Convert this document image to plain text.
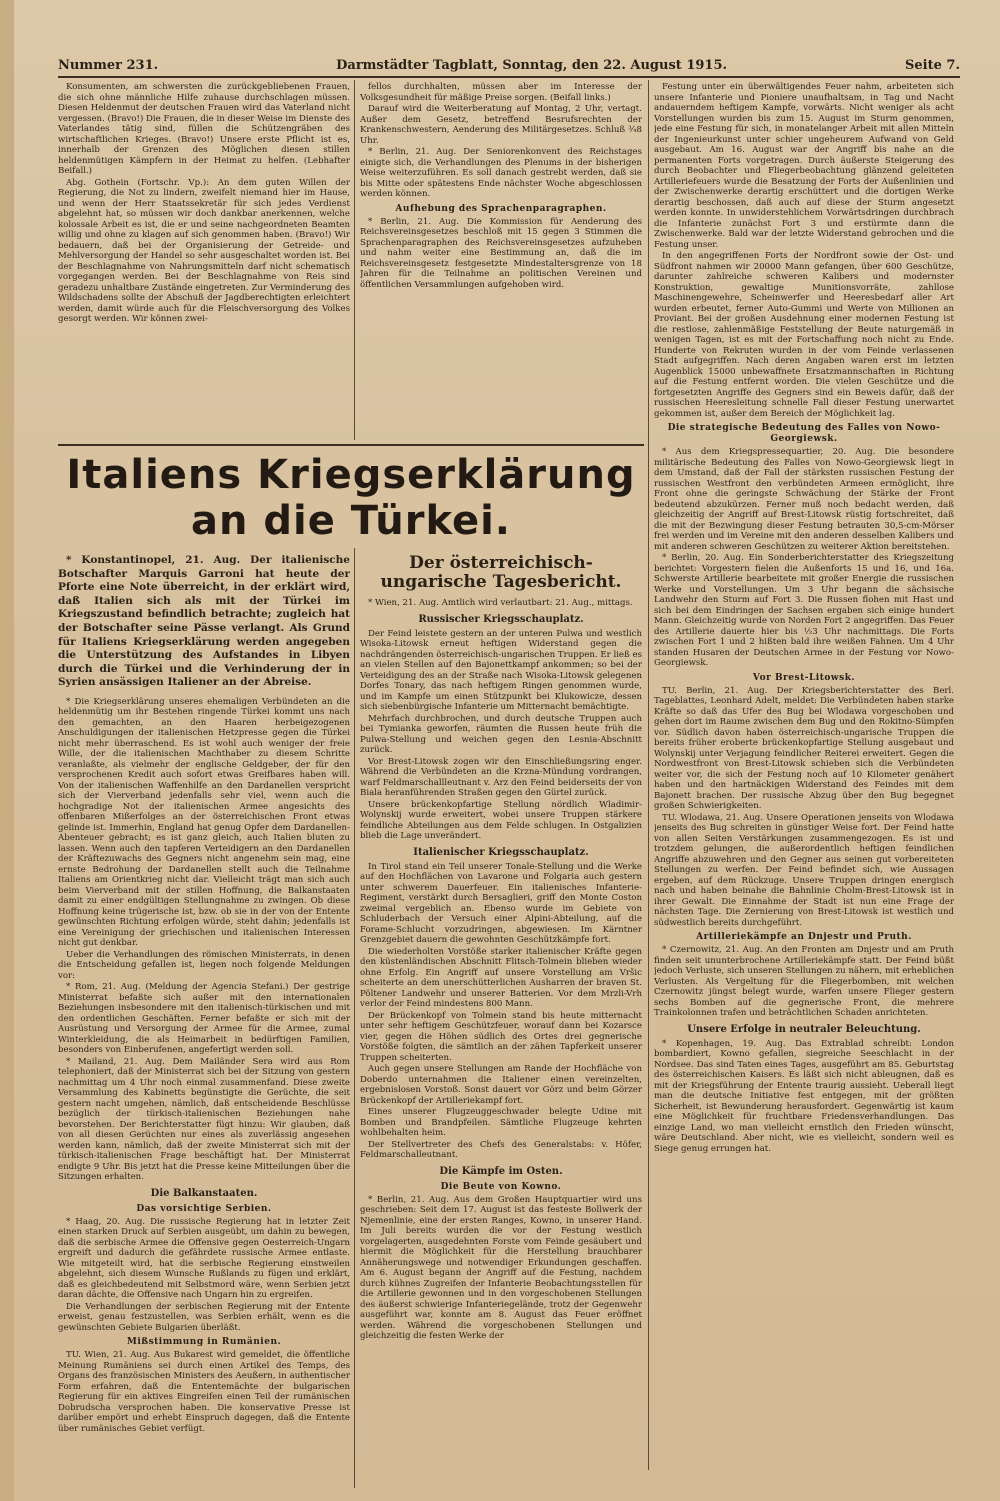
Nummer 231.	Darmstädter Tagblatt, Sonntag, den 22. August 1915.	Seite 7.

Konsumenten, am schwersten die zurückgebliebenen Frauen, die sich ohne männliche Hilfe zuhause durchschlagen müssen. Diesen Heldenmut der deutschen Frauen wird das Vaterland nicht vergessen. (Bravo!) Die Frauen, die in dieser Weise im Dienste des Vaterlandes tätig sind, füllen die Schützengräben des wirtschaftlichen Krieges. (Bravo!) Unsere erste Pflicht ist es, innerhalb der Grenzen des Möglichen diesen stillen heldenmütigen Kämpfern in der Heimat zu helfen. (Lebhafter Beifall.)

Abg. Gothein (Fortschr. Vp.): An dem guten Willen der Regierung, die Not zu lindern, zweifelt niemand hier im Hause, und wenn der Herr Staatssekretär für sich jedes Verdienst abgelehnt hat, so müssen wir doch dankbar anerkennen, welche kolossale Arbeit es ist, die er und seine nachgeordneten Beamten willig und ohne zu klagen auf sich genommen haben. (Bravo!) Wir bedauern, daß bei der Organisierung der Getreide- und Mehlversorgung der Handel so sehr ausgeschaltet worden ist. Bei der Beschlagnahme von Nahrungsmitteln darf nicht schematisch vorgegangen werden. Bei der Beschlagnahme von Reis sind geradezu unhaltbare Zustände eingetreten. Zur Verminderung des Wildschadens sollte der Abschuß der Jagdberechtigten erleichtert werden, damit würde auch für die Fleischversorgung des Volkes gesorgt werden. Wir können zwei-

fellos durchhalten, müssen aber im Interesse der Volksgesundheit für mäßige Preise sorgen. (Beifall links.)

Darauf wird die Weiterberatung auf Montag, 2 Uhr, vertagt. Außer dem Gesetz, betreffend Besrufsrechten der Krankenschwestern, Aenderung des Militärgesetzes. Schluß ¾8 Uhr.

* Berlin, 21. Aug. Der Seniorenkonvent des Reichstages einigte sich, die Verhandlungen des Plenums in der bisherigen Weise weiterzuführen. Es soll danach gestrebt werden, daß sie bis Mitte oder spätestens Ende nächster Woche abgeschlossen werden können.

Aufhebung des Sprachenparagraphen.

* Berlin, 21. Aug. Die Kommission für Aenderung des Reichsvereinsgesetzes beschloß mit 15 gegen 3 Stimmen die Sprachenparagraphen des Reichsvereinsgesetzes aufzuheben und nahm weiter eine Bestimmung an, daß die im Reichsvereinsgesetz festgesetzte Mindestaltersgrenze von 18 Jahren für die Teilnahme an politischen Vereinen und öffentlichen Versammlungen aufgehoben wird.

Italiens Kriegserklärung an die Türkei.

* Konstantinopel, 21. Aug. Der italienische Botschafter Marquis Garroni hat heute der Pforte eine Note überreicht, in der erklärt wird, daß Italien sich als mit der Türkei im Kriegszustand befindlich betrachte; zugleich hat der Botschafter seine Pässe verlangt. Als Grund für Italiens Kriegserklärung werden angegeben die Unterstützung des Aufstandes in Libyen durch die Türkei und die Verhinderung der in Syrien ansässigen Italiener an der Abreise.

* Die Kriegserklärung unseres ehemaligen Verbündeten an die heldenmütig um ihr Bestehen ringende Türkei kommt uns nach den gemachten, an den Haaren herbeigezogenen Anschuldigungen der italienischen Hetzpresse gegen die Türkei nicht mehr überraschend. Es ist wohl auch weniger der freie Wille, der die italienischen Machthaber zu diesem Schritte veranlaßte, als vielmehr der englische Geldgeber, der für den versprochenen Kredit auch sofort etwas Greifbares haben will. Von der italienischen Waffenhilfe an den Dardanellen verspricht sich der Vierverband jedenfalls sehr viel, wenn auch die hochgradige Not der italienischen Armee angesichts des offenbaren Mißerfolges an der österreichischen Front etwas gelinde ist. Immerhin, England hat genug Opfer dem Dardanellen-Abenteuer gebracht; es ist ganz gleich, auch Italien bluten zu lassen. Wenn auch den tapferen Verteidigern an den Dardanellen der Kräftezuwachs des Gegners nicht angenehm sein mag, eine ernste Bedrohung der Dardanellen stellt auch die Teilnahme Italiens am Orientkrieg nicht dar. Vielleicht trägt man sich auch beim Vierverband mit der stillen Hoffnung, die Balkanstaaten damit zu einer endgültigen Stellungnahme zu zwingen. Ob diese Hoffnung keine trügerische ist, bzw. ob sie in der von der Entente gewünschten Richtung erfolgen würde, steht dahin; jedenfalls ist eine Vereinigung der griechischen und italienischen Interessen nicht gut denkbar.

Ueber die Verhandlungen des römischen Ministerrats, in denen die Entscheidung gefallen ist, liegen noch folgende Meldungen vor:

* Rom, 21. Aug. (Meldung der Agencia Stefani.) Der gestrige Ministerrat befaßte sich außer mit den internationalen Beziehungen insbesondere mit den italienisch-türkischen und mit den ordentlichen Geschäften. Ferner befaßte er sich mit der Ausrüstung und Versorgung der Armee für die Armee, zumal Winterkleidung, die als Heimarbeit in bedürftigen Familien, besonders von Einberufenen, angefertigt werden soll.

* Mailand, 21. Aug. Dem Mailänder Sera wird aus Rom telephoniert, daß der Ministerrat sich bei der Sitzung von gestern nachmittag um 4 Uhr noch einmal zusammenfand. Diese zweite Versammlung des Kabinetts begünstigte die Gerüchte, die seit gestern nacht umgehen, nämlich, daß entscheidende Beschlüsse bezüglich der türkisch-italienischen Beziehungen nahe bevorstehen. Der Berichterstatter fügt hinzu: Wir glauben, daß von all diesen Gerüchten nur eines als zuverlässig angesehen werden kann, nämlich, daß der zweite Ministerrat sich mit der türkisch-italienischen Frage beschäftigt hat. Der Ministerrat endigte 9 Uhr. Bis jetzt hat die Presse keine Mitteilungen über die Sitzungen erhalten.

Die Balkanstaaten.
Das vorsichtige Serbien.

* Haag, 20. Aug. Die russische Regierung hat in letzter Zeit einen starken Druck auf Serbien ausgeübt, um dahin zu bewegen, daß die serbische Armee die Offensive gegen Oesterreich-Ungarn ergreift und dadurch die gefährdete russische Armee entlaste. Wie mitgeteilt wird, hat die serbische Regierung einstweilen abgelehnt, sich diesem Wunsche Rußlands zu fügen und erklärt, daß es gleichbedeutend mit Selbstmord wäre, wenn Serbien jetzt daran dächte, die Offensive nach Ungarn hin zu ergreifen.

Die Verhandlungen der serbischen Regierung mit der Entente erweist, genau festzustellen, was Serbien erhält, wenn es die gewünschten Gebiete Bulgarien überläßt.

Mißstimmung in Rumänien.

TU. Wien, 21. Aug. Aus Bukarest wird gemeldet, die öffentliche Meinung Rumäniens sei durch einen Artikel des Temps, des Organs des französischen Ministers des Aeußern, in authentischer Form erfahren, daß die Ententemächte der bulgarischen Regierung für ein aktives Eingreifen einen Teil der rumänischen Dobrudscha versprochen haben. Die konservative Presse ist darüber empört und erhebt Einspruch dagegen, daß die Entente über rumänisches Gebiet verfügt.

Der österreichisch-ungarische Tagesbericht.

* Wien, 21. Aug. Amtlich wird verlautbart: 21. Aug., mittags.

Russischer Kriegsschauplatz.

Der Feind leistete gestern an der unteren Pulwa und westlich Wisoka-Litowsk erneut heftigen Widerstand gegen die nachdrängenden österreichisch-ungarischen Truppen. Er ließ es an vielen Stellen auf den Bajonettkampf ankommen; so bei der Verteidigung des an der Straße nach Wisoka-Litowsk gelegenen Dorfes Tonary, das nach heftigem Ringen genommen wurde, und im Kampfe um einen Stützpunkt bei Klukowicze, dessen sich siebenbürgische Infanterie um Mitternacht bemächtigte.

Mehrfach durchbrochen, und durch deutsche Truppen auch bei Tymianka geworfen, räumten die Russen heute früh die Pulwa-Stellung und weichen gegen den Lesnia-Abschnitt zurück.

Vor Brest-Litowsk zogen wir den Einschließungsring enger. Während die Verbündeten an die Krzna-Mündung vordrangen, warf Feldmarschallleutnant v. Arz den Feind beiderseits der von Biala heranführenden Straßen gegen den Gürtel zurück.

Unsere brückenkopfartige Stellung nördlich Wladimir-Wolynskij wurde erweitert, wobei unsere Truppen stärkere feindliche Abteilungen aus dem Felde schlugen. In Ostgalizien blieb die Lage unverändert.

Italienischer Kriegsschauplatz.

In Tirol stand ein Teil unserer Tonale-Stellung und die Werke auf den Hochflächen von Lavarone und Folgaria auch gestern unter schwerem Dauerfeuer. Ein italienisches Infanterie-Regiment, verstärkt durch Bersaglieri, griff den Monte Coston zweimal vergeblich an. Ebenso wurde im Gebiete von Schluderbach der Versuch einer Alpini-Abteilung, auf die Forame-Schlucht vorzudringen, abgewiesen. Im Kärntner Grenzgebiet dauern die gewohnten Geschützkämpfe fort.

Die wiederholten Vorstöße starker italienischer Kräfte gegen den küstenländischen Abschnitt Flitsch-Tolmein blieben wieder ohne Erfolg. Ein Angriff auf unsere Vorstellung am Vršic scheiterte an dem unerschütterlichen Ausharren der braven St. Pöltener Landwehr und unserer Batterien. Vor dem Mrzli-Vrh verlor der Feind mindestens 800 Mann.

Der Brückenkopf von Tolmein stand bis heute mitternacht unter sehr heftigem Geschützfeuer, worauf dann bei Kozarsce vier, gegen die Höhen südlich des Ortes drei gegnerische Vorstöße folgten, die sämtlich an der zähen Tapferkeit unserer Truppen scheiterten.

Auch gegen unsere Stellungen am Rande der Hochfläche von Doberdo unternahmen die Italiener einen vereinzelten, ergebnislosen Vorstoß. Sonst dauert vor Görz und beim Görzer Brückenkopf der Artilleriekampf fort.

Eines unserer Flugzeuggeschwader belegte Udine mit Bomben und Brandpfeilen. Sämtliche Flugzeuge kehrten wohlbehalten heim.

Der Stellvertreter des Chefs des Generalstabs: v. Höfer, Feldmarschalleutnant.

Die Kämpfe im Osten.
Die Beute von Kowno.

* Berlin, 21. Aug. Aus dem Großen Hauptquartier wird uns geschrieben: Seit dem 17. August ist das festeste Bollwerk der Njemenlinie, eine der ersten Ranges, Kowno, in unserer Hand. Im Juli bereits wurden die vor der Festung westlich vorgelagerten, ausgedehnten Forste vom Feinde gesäubert und hiermit die Möglichkeit für die Herstellung brauchbarer Annäherungswege und notwendiger Erkundungen geschaffen. Am 6. August begann der Angriff auf die Festung, nachdem durch kühnes Zugreifen der Infanterie Beobachtungsstellen für die Artillerie gewonnen und in den vorgeschobenen Stellungen des äußerst schwierige Infanteriegelände, trotz der Gegenwehr ausgeführt war, konnte am 8. August das Feuer eröffnet werden. Während die vorgeschobenen Stellungen und gleichzeitig die festen Werke der

Festung unter ein überwältigendes Feuer nahm, arbeiteten sich unsere Infanterie und Pioniere unaufhaltsam, in Tag und Nacht andauerndem heftigem Kampfe, vorwärts. Nicht weniger als acht Vorstellungen wurden bis zum 15. August im Sturm genommen, jede eine Festung für sich, in monatelanger Arbeit mit allen Mitteln der Ingenieurkunst unter schier ungeheurem Aufwand von Geld ausgebaut. Am 16. August war der Angriff bis nahe an die permanenten Forts vorgetragen. Durch äußerste Steigerung des durch Beobachter und Fliegerbeobachtung glänzend geleiteten Artilleriefeuers wurde die Besatzung der Forts der Außenlinien und der Zwischenwerke derartig erschüttert und die dortigen Werke derartig beschossen, daß auch auf diese der Sturm angesetzt werden konnte. In unwiderstehlichem Vorwärtsdringen durchbrach die Infanterie zunächst Fort 3 und erstürmte dann die Zwischenwerke. Bald war der letzte Widerstand gebrochen und die Festung unser.

In den angegriffenen Forts der Nordfront sowie der Ost- und Südfront nahmen wir 20000 Mann gefangen, über 600 Geschütze, darunter zahlreiche schweren Kalibers und modernster Konstruktion, gewaltige Munitionsvorräte, zahllose Maschinengewehre, Scheinwerfer und Heeresbedarf aller Art wurden erbeutet, ferner Auto-Gummi und Werte von Millionen an Proviant. Bei der großen Ausdehnung einer modernen Festung ist die restlose, zahlenmäßige Feststellung der Beute naturgemäß in wenigen Tagen, ist es mit der Fortschaffung noch nicht zu Ende. Hunderte von Rekruten wurden in der vom Feinde verlassenen Stadt aufgegriffen. Nach deren Angaben waren erst im letzten Augenblick 15000 unbewaffnete Ersatzmannschaften in Richtung auf die Festung entfernt worden. Die vielen Geschütze und die fortgesetzten Angriffe des Gegners sind ein Beweis dafür, daß der russischen Heeresleitung schnelle Fall dieser Festung unerwartet gekommen ist, außer dem Bereich der Möglichkeit lag.

Die strategische Bedeutung des Falles von Nowo-Georgiewsk.

* Aus dem Kriegspressequartier, 20. Aug. Die besondere militärische Bedeutung des Falles von Nowo-Georgiewsk liegt in dem Umstand, daß der Fall der stärksten russischen Festung der russischen Westfront den verbündeten Armeen ermöglicht, ihre Front ohne die geringste Schwächung der Stärke der Front bedeutend abzukürzen. Ferner muß noch bedacht werden, daß gleichzeitig der Angriff auf Brest-Litowsk rüstig fortschreitet, daß die mit der Bezwingung dieser Festung betrauten 30,5-cm-Mörser frei werden und im Vereine mit den anderen desselben Kalibers und mit anderen schweren Geschützen zu weiterer Aktion bereitstehen.

* Berlin, 20. Aug. Ein Sonderberichterstatter des Kriegszeitung berichtet: Vorgestern fielen die Außenforts 15 und 16, und 16a. Schwerste Artillerie bearbeitete mit großer Energie die russischen Werke und Vorstellungen. Um 3 Uhr begann die sächsische Landwehr den Sturm auf Fort 3. Die Russen flohen mit Hast und sich bei dem Eindringen der Sachsen ergaben sich einige hundert Mann. Gleichzeitig wurde von Norden Fort 2 angegriffen. Das Feuer des Artillerie dauerte hier bis ½3 Uhr nachmittags. Die Forts zwischen Fort 1 und 2 hißten bald ihre weißen Fahnen. Um 4 Uhr standen Husaren der Deutschen Armee in der Festung vor Nowo-Georgiewsk.

Vor Brest-Litowsk.

TU. Berlin, 21. Aug. Der Kriegsberichterstatter des Berl. Tageblattes, Leonhard Adelt, meldet: Die Verbündeten haben starke Kräfte so daß das Ufer des Bug bei Wlodawa vorgeschoben und gehen dort im Raume zwischen dem Bug und den Rokitno-Sümpfen vor. Südlich davon haben österreichisch-ungarische Truppen die bereits früher eroberte brückenkopfartige Stellung ausgebaut und Wolynskij unter Verjagung feindlicher Reiterei erweitert. Gegen die Nordwestfront von Brest-Litowsk schieben sich die Verbündeten weiter vor, die sich der Festung noch auf 10 Kilometer genähert haben und den hartnäckigen Widerstand des Feindes mit dem Bajonett brachen. Der russische Abzug über den Bug begegnet großen Schwierigkeiten.

TU. Wlodawa, 21. Aug. Unsere Operationen jenseits von Wlodawa jenseits des Bug schreiten in günstiger Weise fort. Der Feind hatte von allen Seiten Verstärkungen zusammengezogen. Es ist und trotzdem gelungen, die außerordentlich heftigen feindlichen Angriffe abzuwehren und den Gegner aus seinen gut vorbereiteten Stellungen zu werfen. Der Feind befindet sich, wie Aussagen ergeben, auf dem Rückzuge. Unsere Truppen dringen energisch nach und haben beinahe die Bahnlinie Cholm-Brest-Litowsk ist in ihrer Gewalt. Die Einnahme der Stadt ist nun eine Frage der nächsten Tage. Die Zernierung von Brest-Litowsk ist westlich und südwestlich bereits durchgeführt.

Artilleriekämpfe an Dnjestr und Pruth.

* Czernowitz, 21. Aug. An den Fronten am Dnjestr und am Pruth finden seit ununterbrochene Artilleriekämpfe statt. Der Feind büßt jedoch Verluste, sich unseren Stellungen zu nähern, mit erheblichen Verlusten. Als Vergeltung für die Fliegerbomben, mit welchen Czernowitz jüngst belegt wurde, warfen unsere Flieger gestern sechs Bomben auf die gegnerische Front, die mehrere Trainkolonnen trafen und beträchtlichen Schaden anrichteten.

Unsere Erfolge in neutraler Beleuchtung.

* Kopenhagen, 19. Aug. Das Extrablad schreibt: London bombardiert, Kowno gefallen, siegreiche Seeschlacht in der Nordsee. Das sind Taten eines Tages, ausgeführt am 85. Geburtstag des österreichischen Kaisers. Es läßt sich nicht ableugnen, daß es mit der Kriegsführung der Entente traurig aussieht. Ueberall liegt man die deutsche Initiative fest entgegen, mit der größten Sicherheit, ist Bewunderung herausfordert. Gegenwärtig ist kaum eine Möglichkeit für fruchtbare Friedensverhandlungen. Das einzige Land, wo man vielleicht ernstlich den Frieden wünscht, wäre Deutschland. Aber nicht, wie es vielleicht, sondern weil es Siege genug errungen hat.
